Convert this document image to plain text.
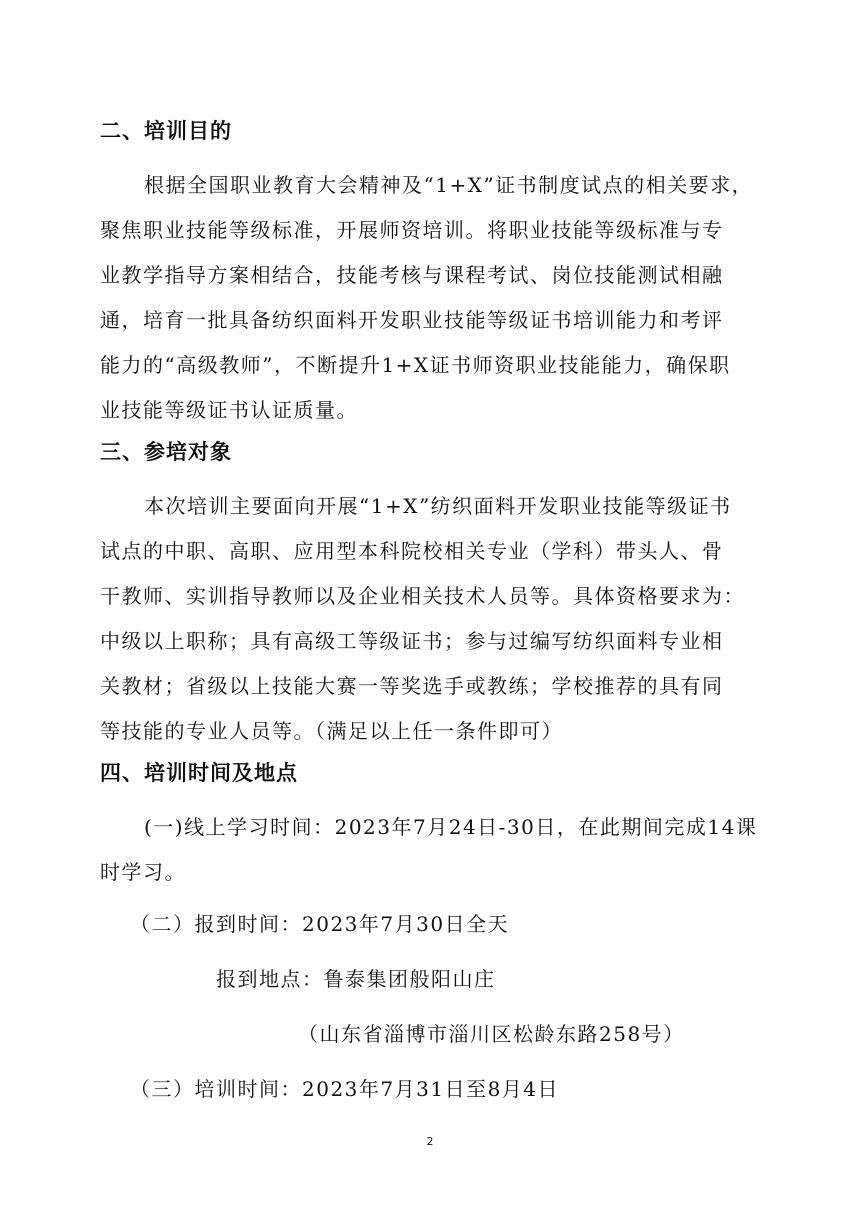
二、培训目的
根据全国职业教育大会精神及“1+X”证书制度试点的相关要求，
聚焦职业技能等级标准，开展师资培训。将职业技能等级标准与专
业教学指导方案相结合，技能考核与课程考试、岗位技能测试相融
通，培育一批具备纺织面料开发职业技能等级证书培训能力和考评
能力的“高级教师”，不断提升1+X证书师资职业技能能力，确保职
业技能等级证书认证质量。
三、参培对象
本次培训主要面向开展“1+X”纺织面料开发职业技能等级证书
试点的中职、高职、应用型本科院校相关专业（学科）带头人、骨
干教师、实训指导教师以及企业相关技术人员等。具体资格要求为：
中级以上职称；具有高级工等级证书；参与过编写纺织面料专业相
关教材；省级以上技能大赛一等奖选手或教练；学校推荐的具有同
等技能的专业人员等。（满足以上任一条件即可）
四、培训时间及地点
(一)线上学习时间：2023年7月24日-30日，在此期间完成14课
时学习。
（二）报到时间：2023年7月30日全天
报到地点：鲁泰集团般阳山庄
（山东省淄博市淄川区松龄东路258号）
（三）培训时间：2023年7月31日至8月4日
2
